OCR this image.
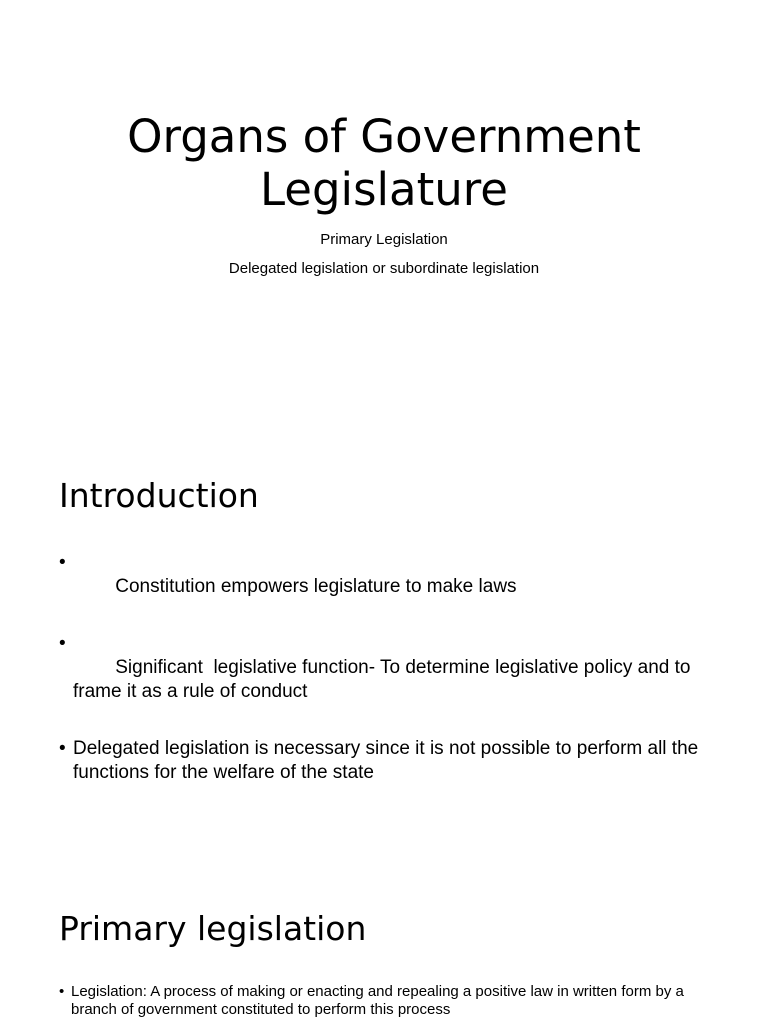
Organs of Government
Legislature
Primary Legislation
Delegated legislation or subordinate legislation
Introduction

•
Constitution empowers legislature to make laws

•
Significant  legislative function- To determine legislative policy and to frame it as a rule of conduct

• Delegated legislation is necessary since it is not possible to perform all the functions for the welfare of the state
Primary legislation
• Legislation: A process of making or enacting and repealing a positive law in written form by a branch of government constituted to perform this process
